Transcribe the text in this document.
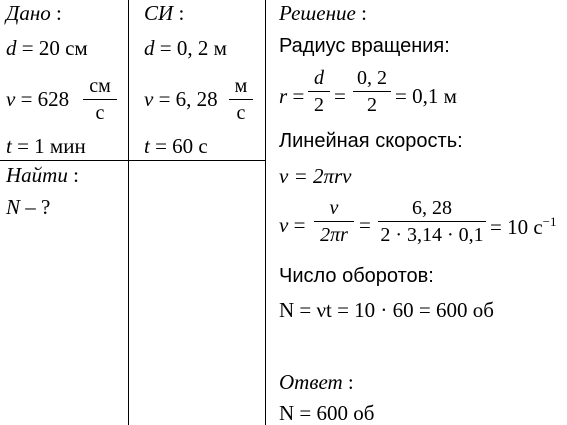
Дано :
d = 20 см
v = 628
см
с
t = 1 мин
Найти :
N – ?
СИ :
d = 0, 2 м
v = 6, 28
м
с
t = 60 с
Решение :
Радиус вращения:
r =
d
2 =
0, 2
2 = 0,1 м
Линейная скорость:
v = 2πrν
ν =
v
2πr =
6, 28
2 · 3,14 · 0,1 = 10 $с^{-1}$
Число оборотов:
N = νt = 10 · 60 = 600 об
Ответ :
N = 600 об
